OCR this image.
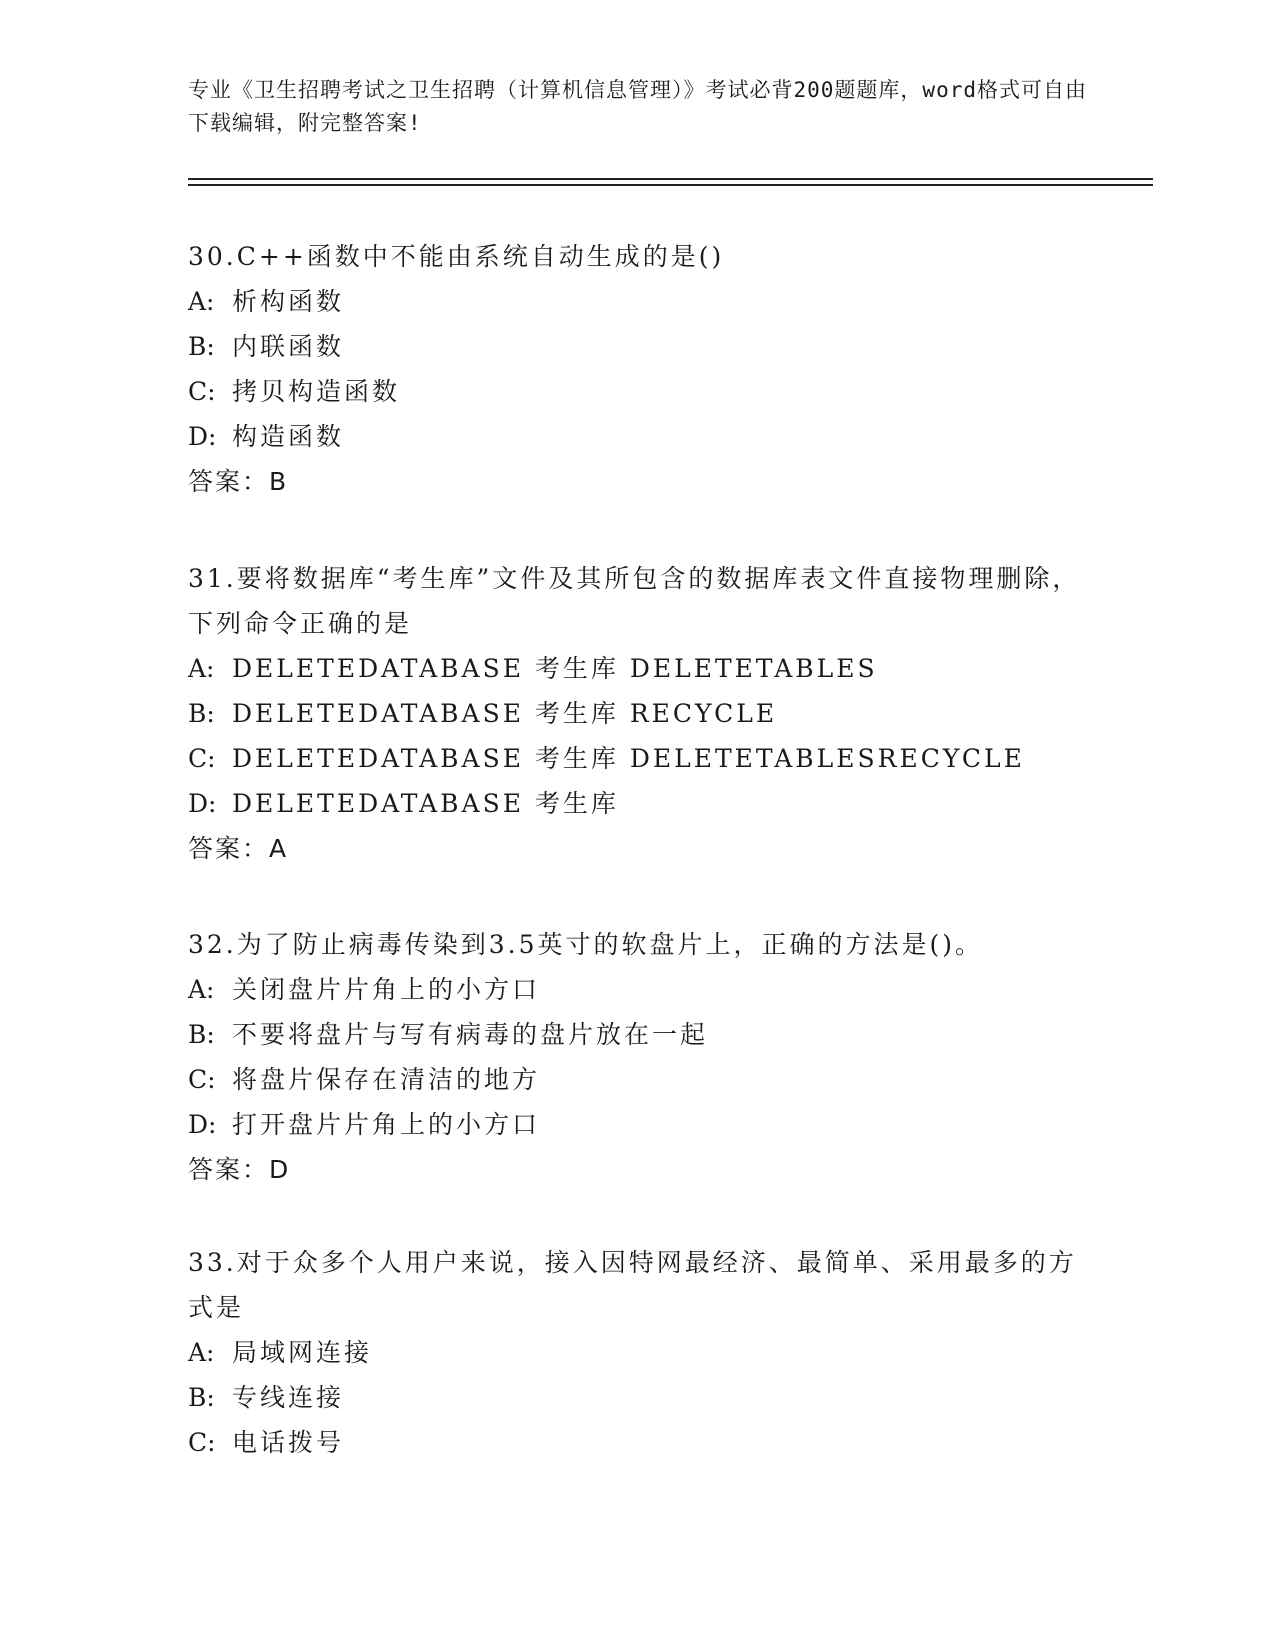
专业《卫生招聘考试之卫生招聘（计算机信息管理）》考试必背200题题库，word格式可自由下载编辑，附完整答案!

30.C++函数中不能由系统自动生成的是()

A: 析构函数

B: 内联函数

C: 拷贝构造函数

D: 构造函数

答案：B

31.要将数据库“考生库”文件及其所包含的数据库表文件直接物理删除，下列命令正确的是

A: DELETEDATABASE 考生库 DELETETABLES

B: DELETEDATABASE 考生库 RECYCLE

C: DELETEDATABASE 考生库 DELETETABLESRECYCLE

D: DELETEDATABASE 考生库

答案：A

32.为了防止病毒传染到3.5英寸的软盘片上，正确的方法是()。

A: 关闭盘片片角上的小方口

B: 不要将盘片与写有病毒的盘片放在一起

C: 将盘片保存在清洁的地方

D: 打开盘片片角上的小方口

答案：D

33.对于众多个人用户来说，接入因特网最经济、最简单、采用最多的方式是

A: 局域网连接

B: 专线连接

C: 电话拨号
